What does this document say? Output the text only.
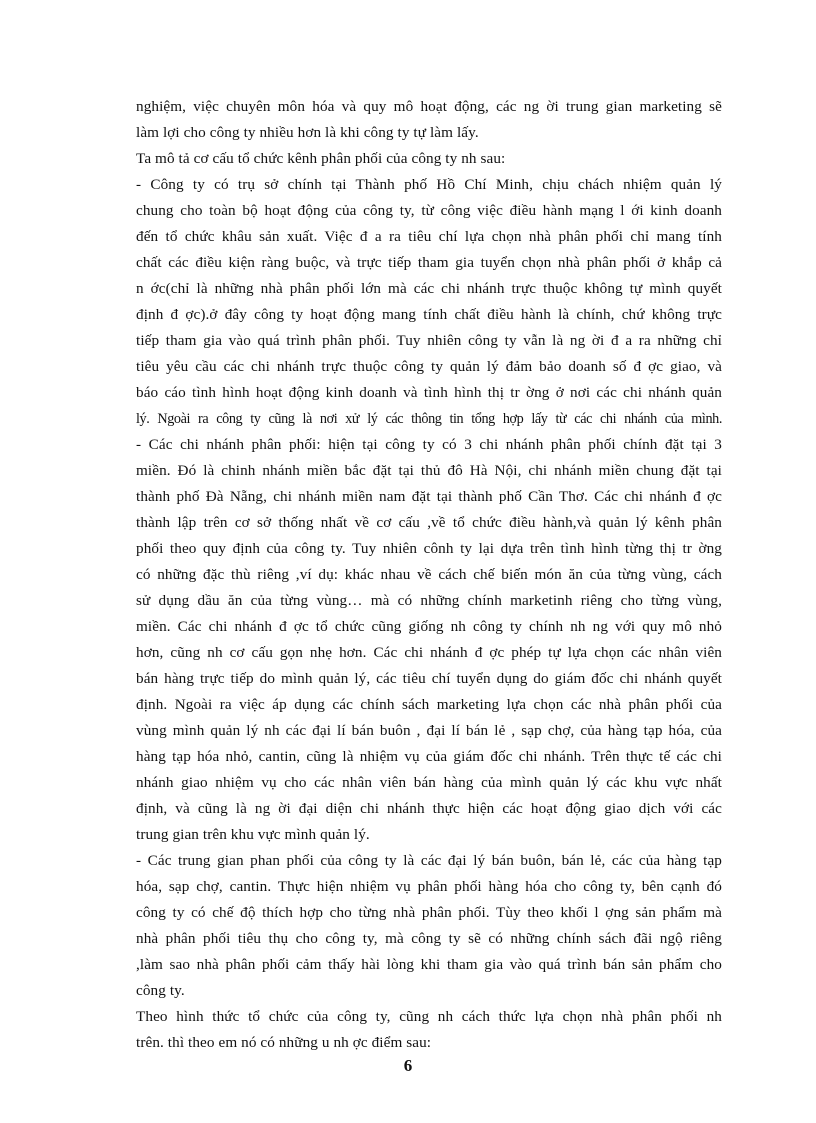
nghiệm, việc chuyên môn hóa và quy mô hoạt động, các ng ời trung gian marketing sẽ
làm lợi cho công ty nhiều hơn là khi công ty tự làm lấy.
Ta mô tả cơ cấu tổ chức kênh phân phối của công ty nh sau:
- Công ty có trụ sở chính tại Thành phố Hồ Chí Minh, chịu chách nhiệm quản lý
chung cho toàn bộ hoạt động của công ty, từ công việc điều hành mạng l ới kinh doanh
đến tổ chức khâu sản xuất. Việc đ a ra tiêu chí lựa chọn nhà phân phối chỉ mang tính
chất các điều kiện ràng buộc, và trực tiếp tham gia tuyển chọn nhà phân phối ở khắp cả
n ớc(chỉ là những nhà phân phối lớn mà các chi nhánh trực thuộc không tự mình quyết
định đ ợc).ở đây công ty hoạt động mang tính chất điều hành là chính, chứ không trực
tiếp tham gia vào quá trình phân phối. Tuy nhiên công ty vẫn là ng ời đ a ra những chỉ
tiêu yêu cầu các chi nhánh trực thuộc công ty quản lý đảm bảo doanh số đ ợc giao, và
báo cáo tình hình hoạt động kinh doanh và tình hình thị tr ờng ở nơi các chi nhánh quản
lý. Ngoài ra công ty cũng là nơi xử lý các thông tin tổng hợp lấy từ các chi nhánh của mình.
- Các chi nhánh phân phối: hiện tại công ty có 3 chi nhánh phân phối chính đặt tại 3
miền. Đó là chinh nhánh miền bắc đặt tại thủ đô Hà Nội, chi nhánh miền chung đặt tại
thành phố Đà Nẵng, chi nhánh miền nam đặt tại thành phố Cần Thơ. Các chi nhánh đ ợc
thành lập trên cơ sở thống nhất về cơ cấu ,về tổ chức điều hành,và quản lý kênh phân
phối theo quy định của công ty. Tuy nhiên cônh ty lại dựa trên tình hình từng thị tr ờng
có những đặc thù riêng ,ví dụ: khác nhau về cách chế biến món ăn của từng vùng, cách
sử dụng dầu ăn của từng vùng… mà có những chính marketinh riêng cho từng vùng,
miền. Các chi nhánh đ ợc tổ chức cũng giống nh công ty chính nh ng với quy mô nhỏ
hơn, cũng nh cơ cấu gọn nhẹ hơn. Các chi nhánh đ ợc phép tự lựa chọn các nhân viên
bán hàng trực tiếp do mình quản lý, các tiêu chí tuyển dụng do giám đốc chi nhánh quyết
định. Ngoài ra việc áp dụng các chính sách marketing lựa chọn các nhà phân phối của
vùng mình quản lý nh các đại lí bán buôn , đại lí bán lẻ , sạp chợ, của hàng tạp hóa, của
hàng tạp hóa nhỏ, cantin, cũng là nhiệm vụ của giám đốc chi nhánh. Trên thực tế các chi
nhánh giao nhiệm vụ cho các nhân viên bán hàng của mình quản lý các khu vực nhất
định, và cũng là ng ời đại diện chi nhánh thực hiện các hoạt động giao dịch với các
trung gian trên khu vực mình quản lý.
- Các trung gian phan phối của công ty là các đại lý bán buôn, bán lẻ, các của hàng tạp
hóa, sạp chợ, cantin. Thực hiện nhiệm vụ phân phối hàng hóa cho công ty, bên cạnh đó
công ty có chế độ thích hợp cho từng nhà phân phối. Tùy theo khối l ợng sản phẩm mà
nhà phân phối tiêu thụ cho công ty, mà công ty sẽ có những chính sách đãi ngộ riêng
,làm sao nhà phân phối cảm thấy hài lòng khi tham gia vào quá trình bán sản phẩm cho
công ty.
Theo hình thức tổ chức của công ty, cũng nh cách thức lựa chọn nhà phân phối nh
trên. thì theo em nó có những u nh ợc điểm sau:
6
